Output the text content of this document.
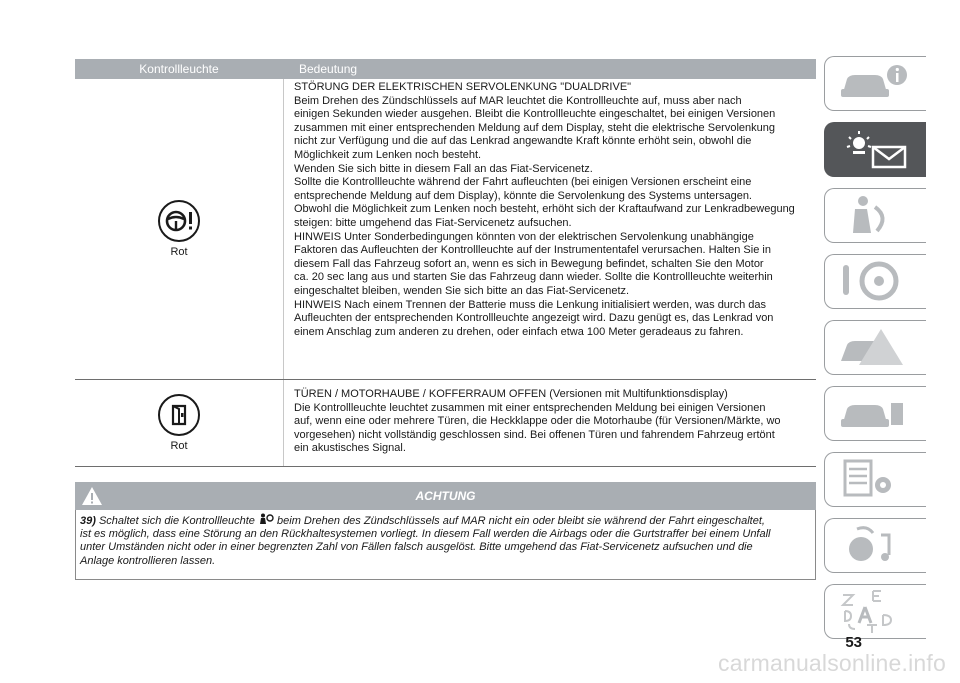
Kontrollleuchte	Bedeutung
Rot
STÖRUNG DER ELEKTRISCHEN SERVOLENKUNG "DUALDRIVE"
Beim Drehen des Zündschlüssels auf MAR leuchtet die Kontrollleuchte auf, muss aber nach
einigen Sekunden wieder ausgehen. Bleibt die Kontrollleuchte eingeschaltet, bei einigen Versionen
zusammen mit einer entsprechenden Meldung auf dem Display, steht die elektrische Servolenkung
nicht zur Verfügung und die auf das Lenkrad angewandte Kraft könnte erhöht sein, obwohl die
Möglichkeit zum Lenken noch besteht.
Wenden Sie sich bitte in diesem Fall an das Fiat-Servicenetz.
Sollte die Kontrollleuchte während der Fahrt aufleuchten (bei einigen Versionen erscheint eine
entsprechende Meldung auf dem Display), könnte die Servolenkung des Systems untersagen.
Obwohl die Möglichkeit zum Lenken noch besteht, erhöht sich der Kraftaufwand zur Lenkradbewegung
steigen: bitte umgehend das Fiat-Servicenetz aufsuchen.
HINWEIS Unter Sonderbedingungen könnten von der elektrischen Servolenkung unabhängige
Faktoren das Aufleuchten der Kontrollleuchte auf der Instrumententafel verursachen. Halten Sie in
diesem Fall das Fahrzeug sofort an, wenn es sich in Bewegung befindet, schalten Sie den Motor
ca. 20 sec lang aus und starten Sie das Fahrzeug dann wieder. Sollte die Kontrollleuchte weiterhin
eingeschaltet bleiben, wenden Sie sich bitte an das Fiat-Servicenetz.
HINWEIS Nach einem Trennen der Batterie muss die Lenkung initialisiert werden, was durch das
Aufleuchten der entsprechenden Kontrollleuchte angezeigt wird. Dazu genügt es, das Lenkrad von
einem Anschlag zum anderen zu drehen, oder einfach etwa 100 Meter geradeaus zu fahren.
Rot
TÜREN / MOTORHAUBE / KOFFERRAUM OFFEN (Versionen mit Multifunktionsdisplay)
Die Kontrollleuchte leuchtet zusammen mit einer entsprechenden Meldung bei einigen Versionen
auf, wenn eine oder mehrere Türen, die Heckklappe oder die Motorhaube (für Versionen/Märkte, wo
vorgesehen) nicht vollständig geschlossen sind. Bei offenen Türen und fahrendem Fahrzeug ertönt
ein akustisches Signal.
ACHTUNG
39) Schaltet sich die Kontrollleuchte beim Drehen des Zündschlüssels auf MAR nicht ein oder bleibt sie während der Fahrt eingeschaltet,
ist es möglich, dass eine Störung an den Rückhaltesystemen vorliegt. In diesem Fall werden die Airbags oder die Gurtstraffer bei einem Unfall
unter Umständen nicht oder in einer begrenzten Zahl von Fällen falsch ausgelöst. Bitte umgehend das Fiat-Servicenetz aufsuchen und die
Anlage kontrollieren lassen.
53
carmanualsonline.info
